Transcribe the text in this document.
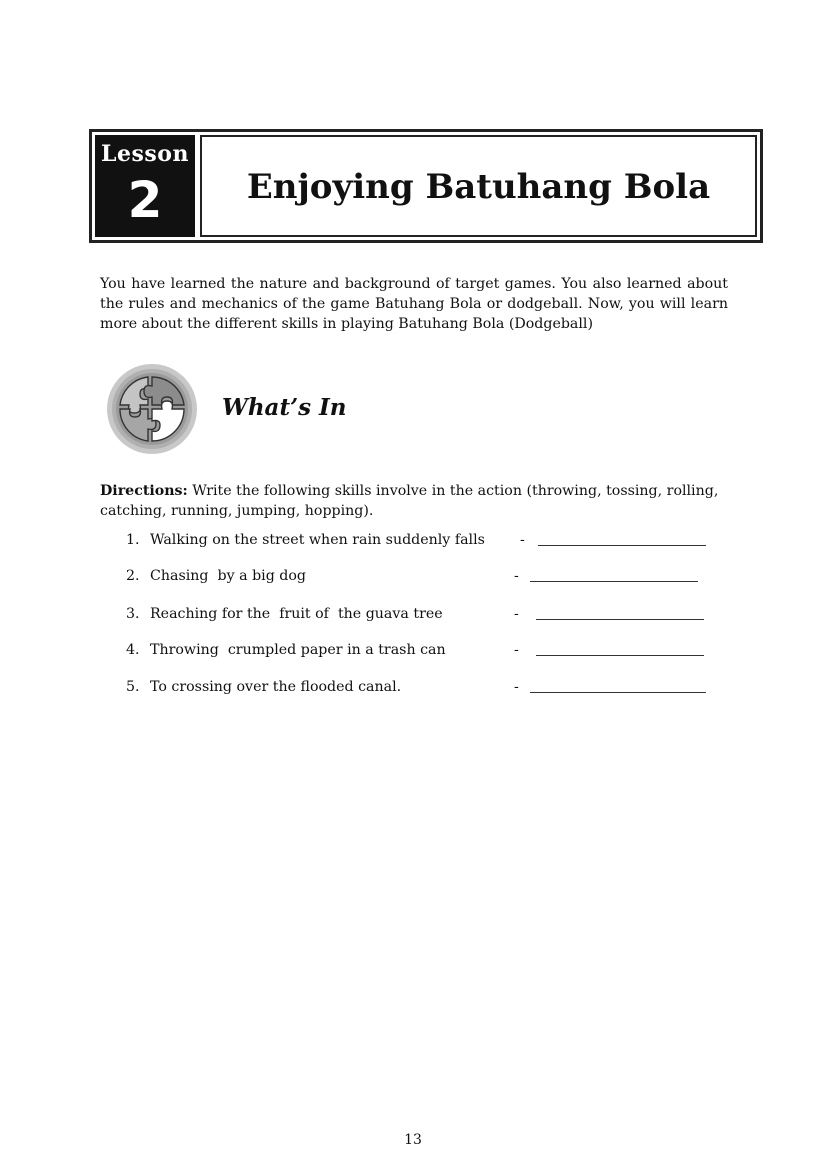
Lesson
2	Enjoying Batuhang Bola
You have learned the nature and background of target games. You also learned about the rules and mechanics of the game Batuhang Bola or dodgeball. Now, you will learn more about the different skills in playing Batuhang Bola (Dodgeball)
What’s In
Directions: Write the following skills involve in the action (throwing, tossing, rolling, catching, running, jumping, hopping).
1. Walking on the street when rain suddenly falls -
2. Chasing  by a big dog	-
3. Reaching for the  fruit of  the guava tree	-
4. Throwing  crumpled paper in a trash can	-
5. To crossing over the flooded canal.	-
13
